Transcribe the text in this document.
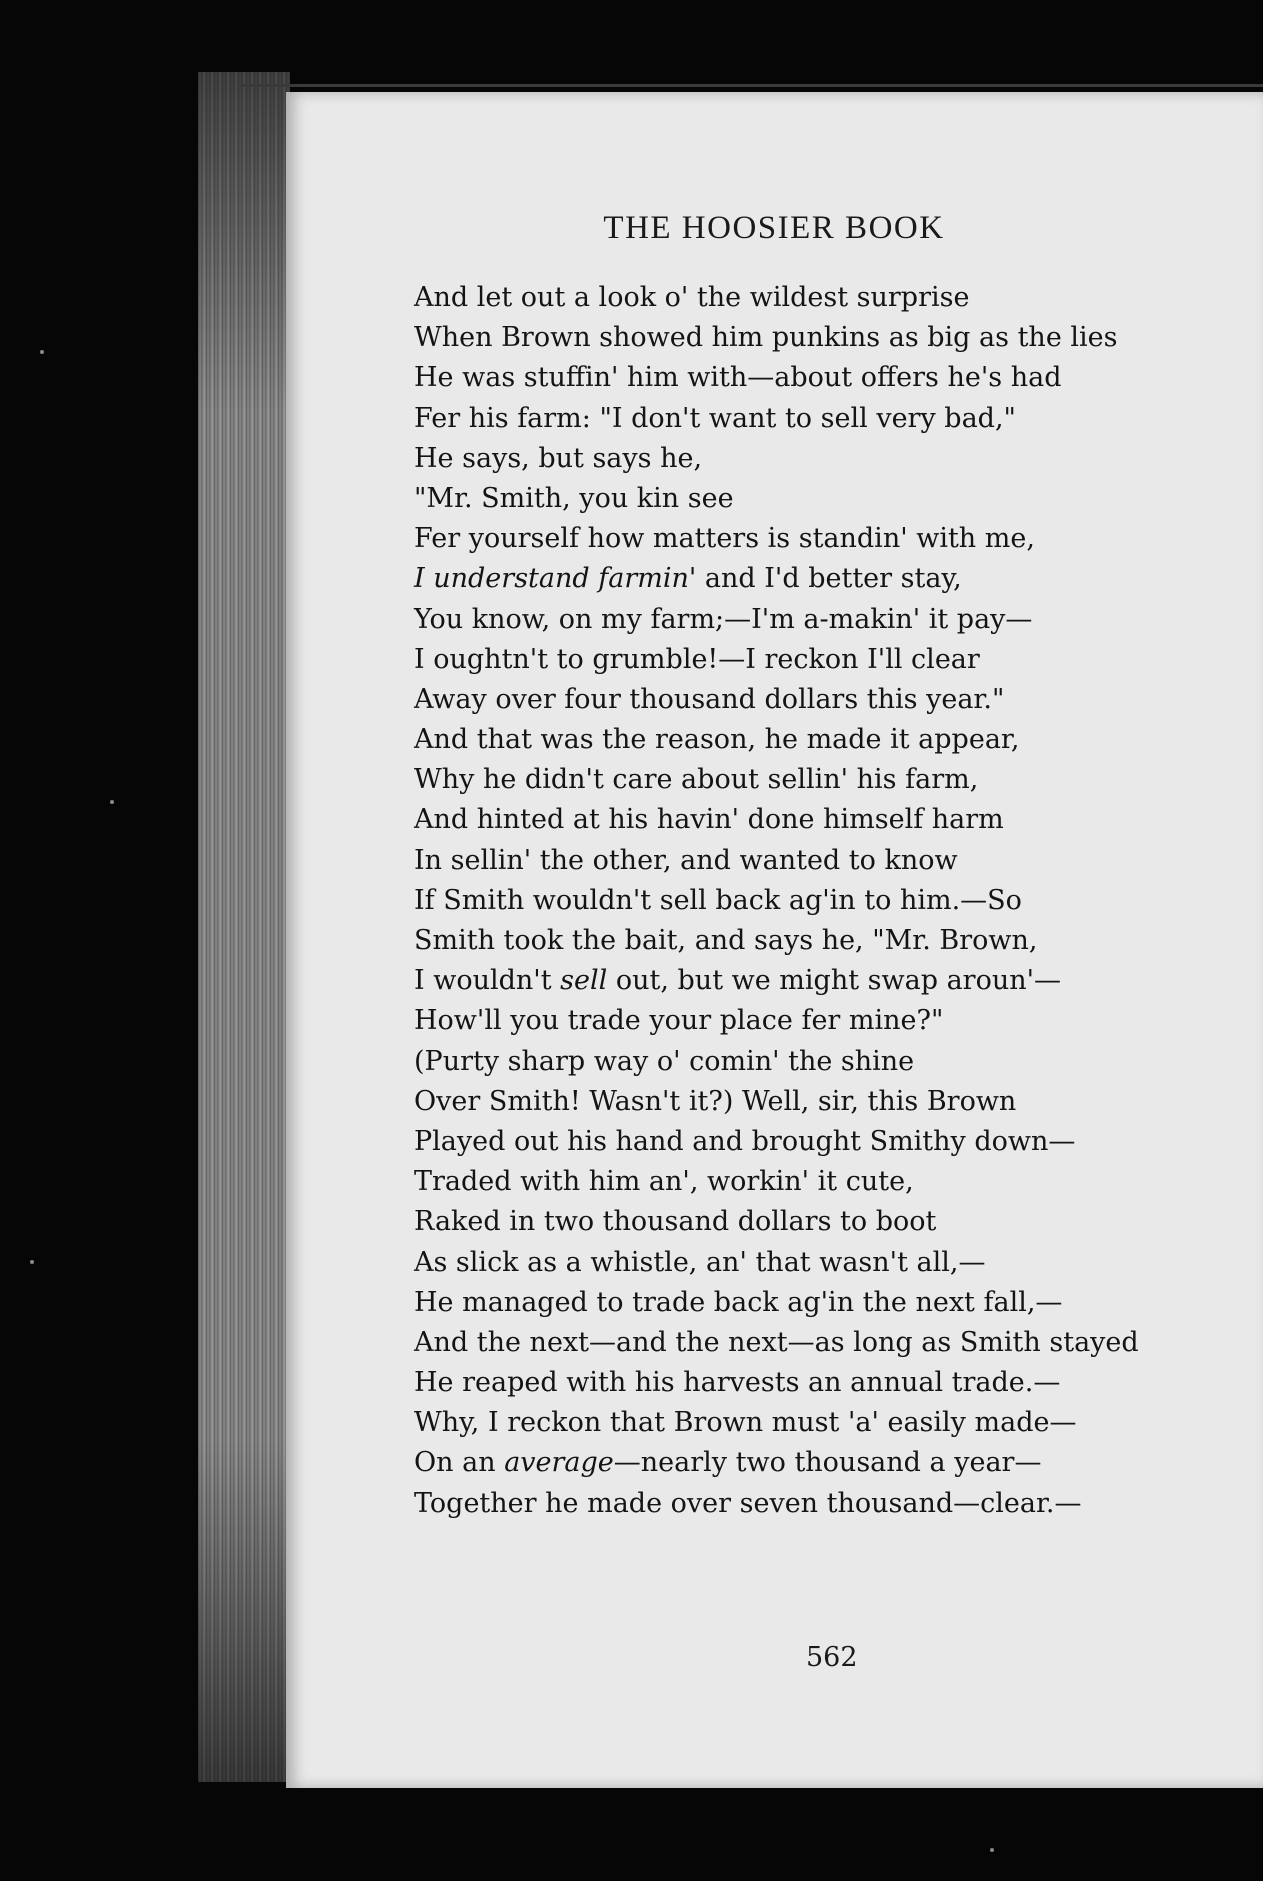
THE HOOSIER BOOK
And let out a look o' the wildest surprise
When Brown showed him punkins as big as the lies
He was stuffin' him with—about offers he's had
Fer his farm: "I don't want to sell very bad,"
He says, but says he,
"Mr. Smith, you kin see
Fer yourself how matters is standin' with me,
I understand farmin' and I'd better stay,
You know, on my farm;—I'm a-makin' it pay—
I oughtn't to grumble!—I reckon I'll clear
Away over four thousand dollars this year."
And that was the reason, he made it appear,
Why he didn't care about sellin' his farm,
And hinted at his havin' done himself harm
In sellin' the other, and wanted to know
If Smith wouldn't sell back ag'in to him.—So
Smith took the bait, and says he, "Mr. Brown,
I wouldn't sell out, but we might swap aroun'—
How'll you trade your place fer mine?"
(Purty sharp way o' comin' the shine
Over Smith! Wasn't it?) Well, sir, this Brown
Played out his hand and brought Smithy down—
Traded with him an', workin' it cute,
Raked in two thousand dollars to boot
As slick as a whistle, an' that wasn't all,—
He managed to trade back ag'in the next fall,—
And the next—and the next—as long as Smith stayed
He reaped with his harvests an annual trade.—
Why, I reckon that Brown must 'a' easily made—
On an average—nearly two thousand a year—
Together he made over seven thousand—clear.—
562
